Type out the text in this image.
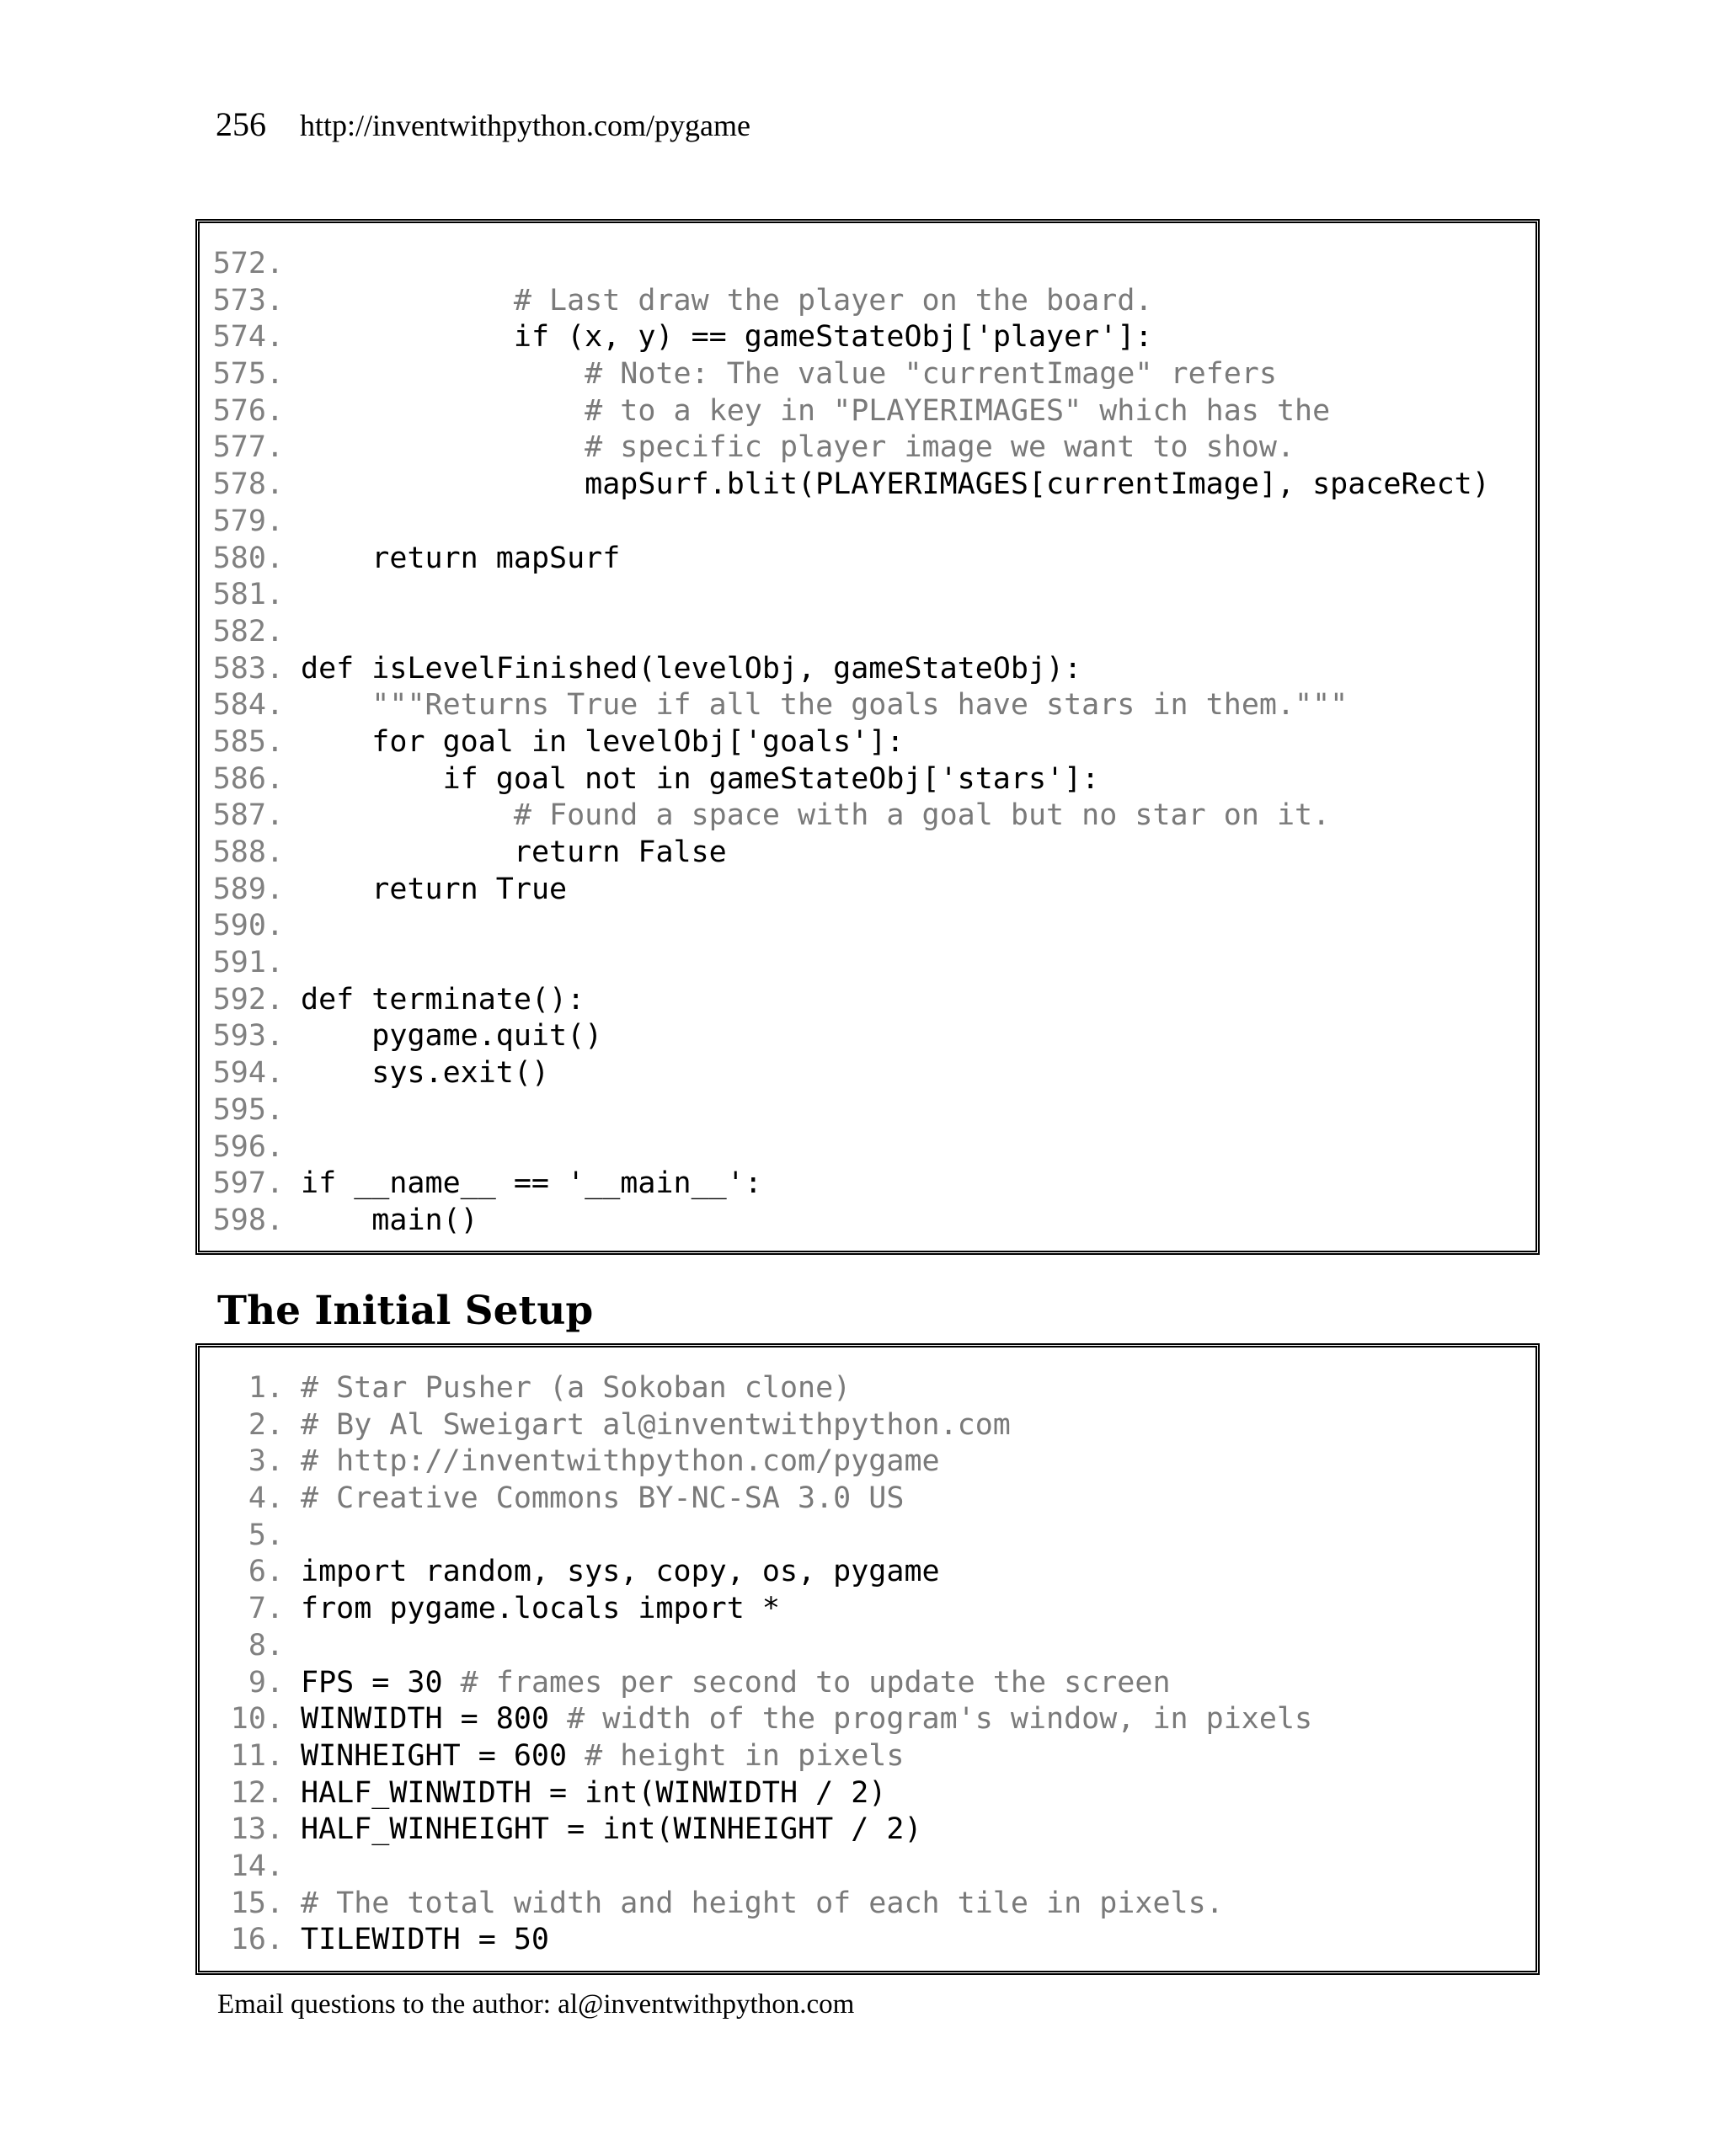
256 http://inventwithpython.com/pygame
572.
573.	# Last draw the player on the board.
574.	if (x, y) == gameStateObj['player']:
575.	# Note: The value "currentImage" refers
576.	# to a key in "PLAYERIMAGES" which has the
577.	# specific player image we want to show.
578.	mapSurf.blit(PLAYERIMAGES[currentImage], spaceRect)
579.
580.	return mapSurf
581.
582.
583. def isLevelFinished(levelObj, gameStateObj):
584.	"""Returns True if all the goals have stars in them."""
585.	for goal in levelObj['goals']:
586.	if goal not in gameStateObj['stars']:
587.	# Found a space with a goal but no star on it.
588.	return False
589.	return True
590.
591.
592. def terminate():
593.	pygame.quit()
594.	sys.exit()
595.
596.
597. if __name__ == '__main__':
598.	main()
The Initial Setup
1. # Star Pusher (a Sokoban clone)
2. # By Al Sweigart al@inventwithpython.com
3. # http://inventwithpython.com/pygame
4. # Creative Commons BY-NC-SA 3.0 US
5.
6. import random, sys, copy, os, pygame
7. from pygame.locals import *
8.
9. FPS = 30 # frames per second to update the screen
10. WINWIDTH = 800 # width of the program's window, in pixels
11. WINHEIGHT = 600 # height in pixels
12. HALF_WINWIDTH = int(WINWIDTH / 2)
13. HALF_WINHEIGHT = int(WINHEIGHT / 2)
14.
15. # The total width and height of each tile in pixels.
16. TILEWIDTH = 50
Email questions to the author: al@inventwithpython.com
